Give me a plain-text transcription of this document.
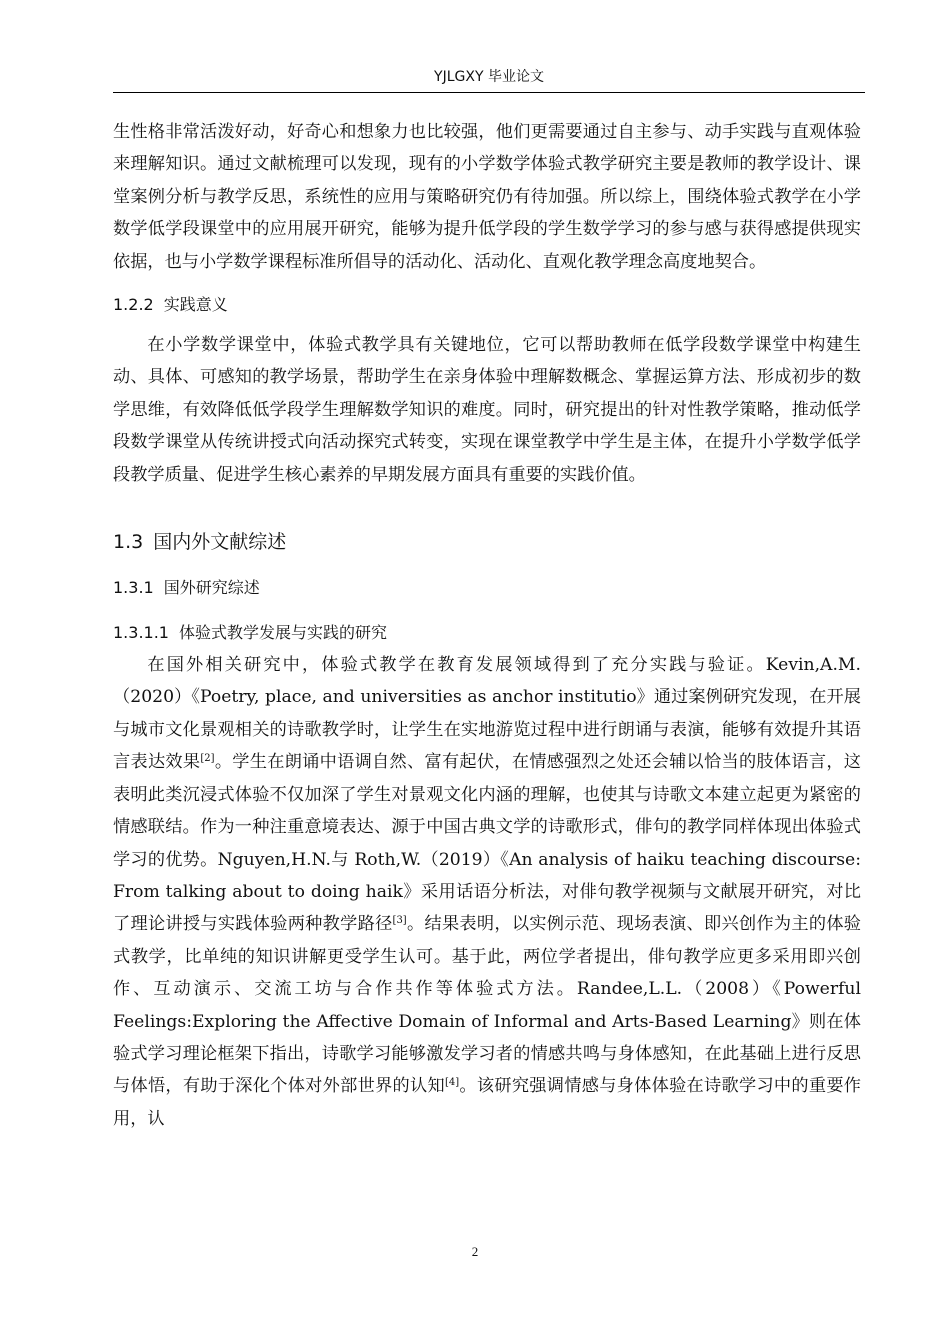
YJLGXY 毕业论文

生性格非常活泼好动，好奇心和想象力也比较强，他们更需要通过自主参与、动手实践与直观体验来理解知识。通过文献梳理可以发现，现有的小学数学体验式教学研究主要是教师的教学设计、课堂案例分析与教学反思，系统性的应用与策略研究仍有待加强。所以综上，围绕体验式教学在小学数学低学段课堂中的应用展开研究，能够为提升低学段的学生数学学习的参与感与获得感提供现实依据，也与小学数学课程标准所倡导的活动化、活动化、直观化教学理念高度地契合。

1.2.2 实践意义

在小学数学课堂中，体验式教学具有关键地位，它可以帮助教师在低学段数学课堂中构建生动、具体、可感知的教学场景，帮助学生在亲身体验中理解数概念、掌握运算方法、形成初步的数学思维，有效降低低学段学生理解数学知识的难度。同时，研究提出的针对性教学策略，推动低学段数学课堂从传统讲授式向活动探究式转变，实现在课堂教学中学生是主体，在提升小学数学低学段教学质量、促进学生核心素养的早期发展方面具有重要的实践价值。

1.3 国内外文献综述
1.3.1 国外研究综述
1.3.1.1 体验式教学发展与实践的研究

在国外相关研究中，体验式教学在教育发展领域得到了充分实践与验证。Kevin,A.M.（2020）《Poetry, place, and universities as anchor institutio》通过案例研究发现，在开展与城市文化景观相关的诗歌教学时，让学生在实地游览过程中进行朗诵与表演，能够有效提升其语言表达效果[2]。学生在朗诵中语调自然、富有起伏，在情感强烈之处还会辅以恰当的肢体语言，这表明此类沉浸式体验不仅加深了学生对景观文化内涵的理解，也使其与诗歌文本建立起更为紧密的情感联结。作为一种注重意境表达、源于中国古典文学的诗歌形式，俳句的教学同样体现出体验式学习的优势。Nguyen,H.N.与 Roth,W.（2019）《An analysis of haiku teaching discourse: From talking about to doing haik》采用话语分析法，对俳句教学视频与文献展开研究，对比了理论讲授与实践体验两种教学路径[3]。结果表明，以实例示范、现场表演、即兴创作为主的体验式教学，比单纯的知识讲解更受学生认可。基于此，两位学者提出，俳句教学应更多采用即兴创作、互动演示、交流工坊与合作共作等体验式方法。Randee,L.L.（2008）《Powerful Feelings:Exploring the Affective Domain of Informal and Arts-Based Learning》则在体验式学习理论框架下指出，诗歌学习能够激发学习者的情感共鸣与身体感知，在此基础上进行反思与体悟，有助于深化个体对外部世界的认知[4]。该研究强调情感与身体体验在诗歌学习中的重要作用，认

2
